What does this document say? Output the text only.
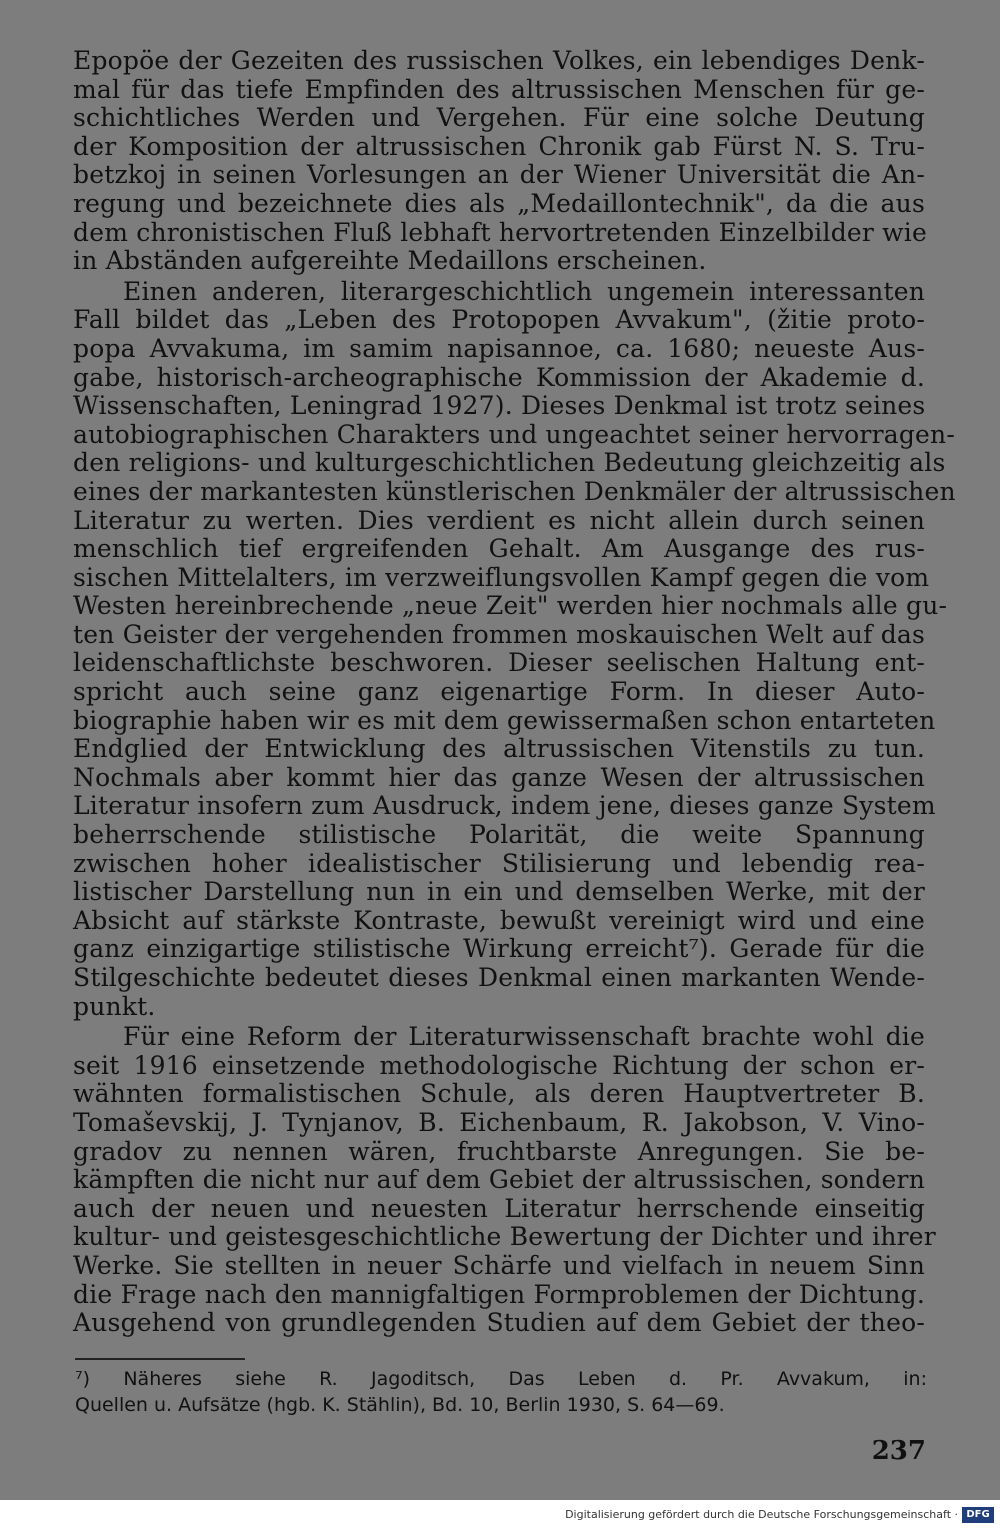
Epopöe der Gezeiten des russischen Volkes, ein lebendiges Denk-
mal für das tiefe Empfinden des altrussischen Menschen für ge-
schichtliches Werden und Vergehen. Für eine solche Deutung
der Komposition der altrussischen Chronik gab Fürst N. S. Tru-
betzkoj in seinen Vorlesungen an der Wiener Universität die An-
regung und bezeichnete dies als „Medaillontechnik", da die aus
dem chronistischen Fluß lebhaft hervortretenden Einzelbilder wie
in Abständen aufgereihte Medaillons erscheinen.
Einen anderen, literargeschichtlich ungemein interessanten
Fall bildet das „Leben des Protopopen Avvakum", (žitie proto-
popa Avvakuma, im samim napisannoe, ca. 1680; neueste Aus-
gabe, historisch-archeographische Kommission der Akademie d.
Wissenschaften, Leningrad 1927). Dieses Denkmal ist trotz seines
autobiographischen Charakters und ungeachtet seiner hervorragen-
den religions- und kulturgeschichtlichen Bedeutung gleichzeitig als
eines der markantesten künstlerischen Denkmäler der altrussischen
Literatur zu werten. Dies verdient es nicht allein durch seinen
menschlich tief ergreifenden Gehalt. Am Ausgange des rus-
sischen Mittelalters, im verzweiflungsvollen Kampf gegen die vom
Westen hereinbrechende „neue Zeit" werden hier nochmals alle gu-
ten Geister der vergehenden frommen moskauischen Welt auf das
leidenschaftlichste beschworen. Dieser seelischen Haltung ent-
spricht auch seine ganz eigenartige Form. In dieser Auto-
biographie haben wir es mit dem gewissermaßen schon entarteten
Endglied der Entwicklung des altrussischen Vitenstils zu tun.
Nochmals aber kommt hier das ganze Wesen der altrussischen
Literatur insofern zum Ausdruck, indem jene, dieses ganze System
beherrschende stilistische Polarität, die weite Spannung
zwischen hoher idealistischer Stilisierung und lebendig rea-
listischer Darstellung nun in ein und demselben Werke, mit der
Absicht auf stärkste Kontraste, bewußt vereinigt wird und eine
ganz einzigartige stilistische Wirkung erreicht⁷). Gerade für die
Stilgeschichte bedeutet dieses Denkmal einen markanten Wende-
punkt.
Für eine Reform der Literaturwissenschaft brachte wohl die
seit 1916 einsetzende methodologische Richtung der schon er-
wähnten formalistischen Schule, als deren Hauptvertreter B.
Tomaševskij, J. Tynjanov, B. Eichenbaum, R. Jakobson, V. Vino-
gradov zu nennen wären, fruchtbarste Anregungen. Sie be-
kämpften die nicht nur auf dem Gebiet der altrussischen, sondern
auch der neuen und neuesten Literatur herrschende einseitig
kultur- und geistesgeschichtliche Bewertung der Dichter und ihrer
Werke. Sie stellten in neuer Schärfe und vielfach in neuem Sinn
die Frage nach den mannigfaltigen Formproblemen der Dichtung.
Ausgehend von grundlegenden Studien auf dem Gebiet der theo-
⁷) Näheres siehe R. Jagoditsch, Das Leben d. Pr. Avvakum, in:
Quellen u. Aufsätze (hgb. K. Stählin), Bd. 10, Berlin 1930, S. 64—69.
237
Digitalisierung gefördert durch die Deutsche Forschungsgemeinschaft · DFG
